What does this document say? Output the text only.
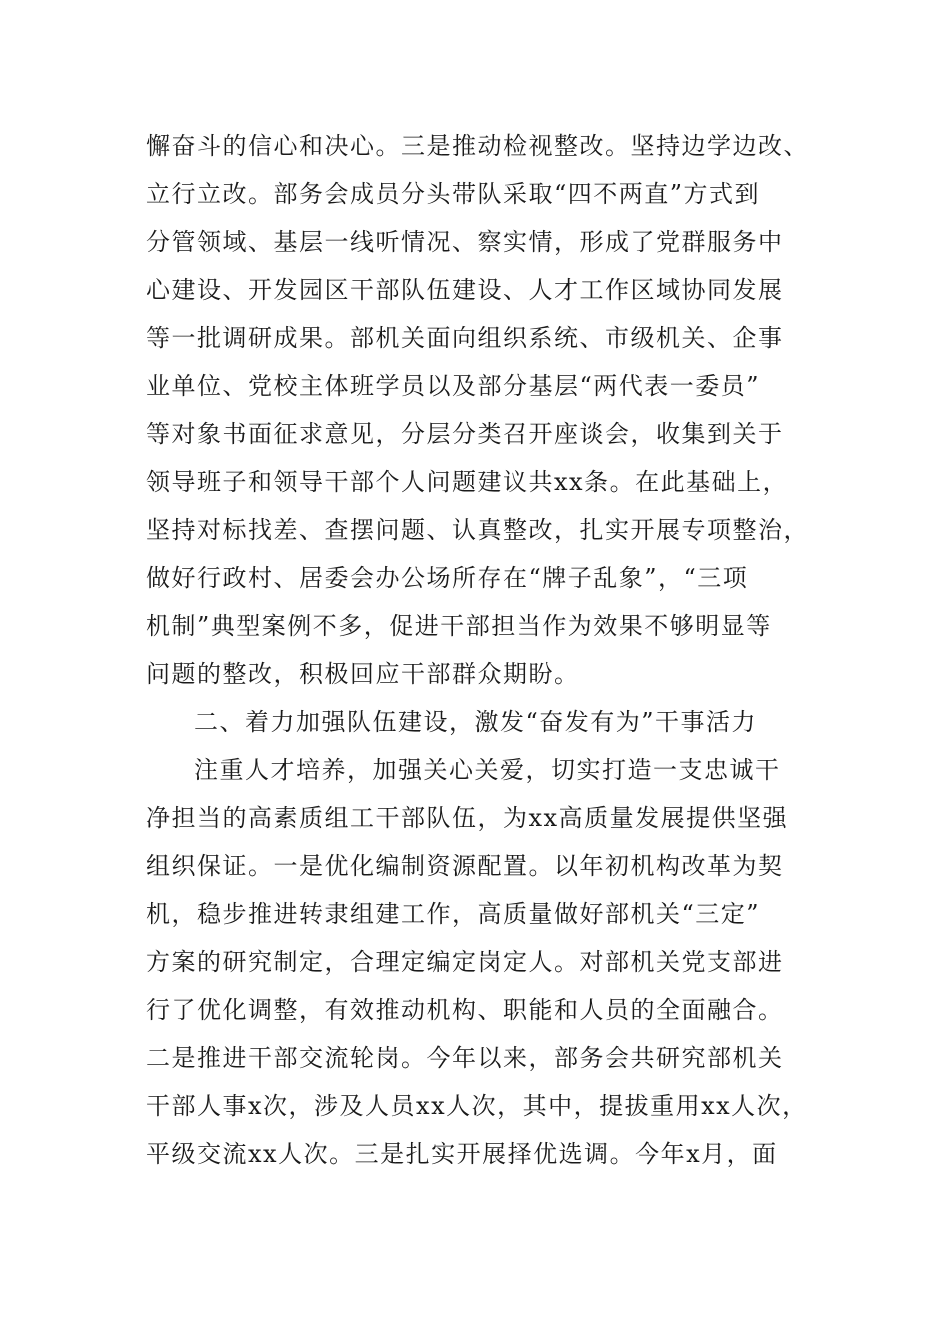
懈奋斗的信心和决心。三是推动检视整改。坚持边学边改、
立行立改。部务会成员分头带队采取“四不两直”方式到
分管领域、基层一线听情况、察实情，形成了党群服务中
心建设、开发园区干部队伍建设、人才工作区域协同发展
等一批调研成果。部机关面向组织系统、市级机关、企事
业单位、党校主体班学员以及部分基层“两代表一委员”
等对象书面征求意见，分层分类召开座谈会，收集到关于
领导班子和领导干部个人问题建议共xx条。在此基础上，
坚持对标找差、查摆问题、认真整改，扎实开展专项整治，
做好行政村、居委会办公场所存在“牌子乱象”，“三项
机制”典型案例不多，促进干部担当作为效果不够明显等
问题的整改，积极回应干部群众期盼。
二、着力加强队伍建设，激发“奋发有为”干事活力
注重人才培养，加强关心关爱，切实打造一支忠诚干
净担当的高素质组工干部队伍，为xx高质量发展提供坚强
组织保证。一是优化编制资源配置。以年初机构改革为契
机，稳步推进转隶组建工作，高质量做好部机关“三定”
方案的研究制定，合理定编定岗定人。对部机关党支部进
行了优化调整，有效推动机构、职能和人员的全面融合。
二是推进干部交流轮岗。今年以来，部务会共研究部机关
干部人事x次，涉及人员xx人次，其中，提拔重用xx人次，
平级交流xx人次。三是扎实开展择优选调。今年x月，面
